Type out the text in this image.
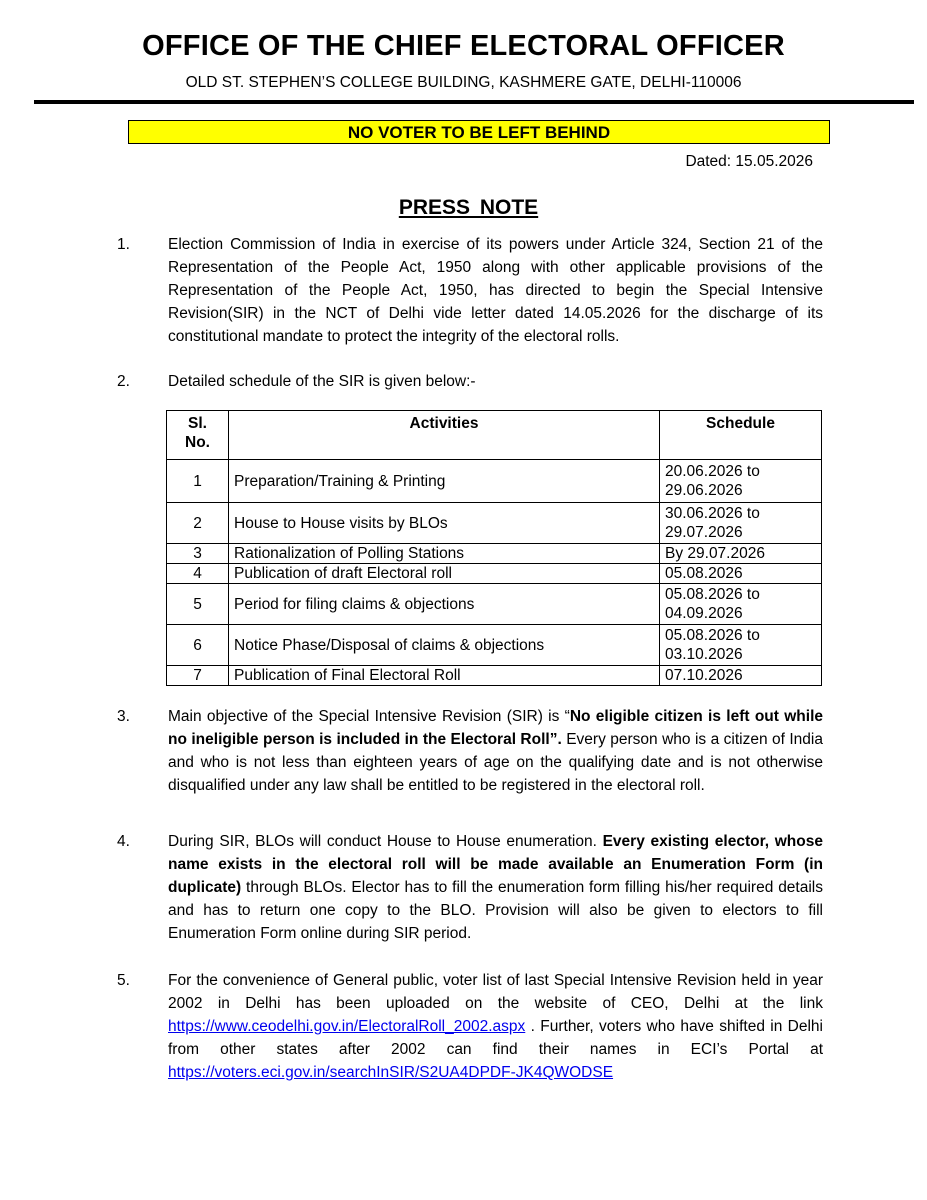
OFFICE OF THE CHIEF ELECTORAL OFFICER
OLD ST. STEPHEN’S COLLEGE BUILDING, KASHMERE GATE, DELHI-110006
NO VOTER TO BE LEFT BEHIND
Dated: 15.05.2026
PRESS NOTE
1.	Election Commission of India in exercise of its powers under Article 324, Section 21 of the Representation of the People Act, 1950 along with other applicable provisions of the Representation of the People Act, 1950, has directed to begin the Special Intensive Revision(SIR) in the NCT of Delhi vide letter dated 14.05.2026 for the discharge of its constitutional mandate to protect the integrity of the electoral rolls.
2.	Detailed schedule of the SIR is given below:-
Sl.
No.	Activities	Schedule
1	Preparation/Training & Printing	20.06.2026 to
29.06.2026
2	House to House visits by BLOs	30.06.2026 to
29.07.2026
3	Rationalization of Polling Stations	By 29.07.2026
4	Publication of draft Electoral roll	05.08.2026
5	Period for filing claims & objections	05.08.2026 to
04.09.2026
6	Notice Phase/Disposal of claims & objections	05.08.2026 to
03.10.2026
7	Publication of Final Electoral Roll	07.10.2026
3.	Main objective of the Special Intensive Revision (SIR) is “No eligible citizen is left out while no ineligible person is included in the Electoral Roll”. Every person who is a citizen of India and who is not less than eighteen years of age on the qualifying date and is not otherwise disqualified under any law shall be entitled to be registered in the electoral roll.
4.	During SIR, BLOs will conduct House to House enumeration. Every existing elector, whose name exists in the electoral roll will be made available an Enumeration Form (in duplicate) through BLOs. Elector has to fill the enumeration form filling his/her required details and has to return one copy to the BLO. Provision will also be given to electors to fill Enumeration Form online during SIR period.
5.	For the convenience of General public, voter list of last Special Intensive Revision held in year 2002 in Delhi has been uploaded on the website of CEO, Delhi at the link https://www.ceodelhi.gov.in/ElectoralRoll_2002.aspx . Further, voters who have shifted in Delhi from other states after 2002 can find their names in ECI’s Portal at https://voters.eci.gov.in/searchInSIR/S2UA4DPDF-JK4QWODSE
